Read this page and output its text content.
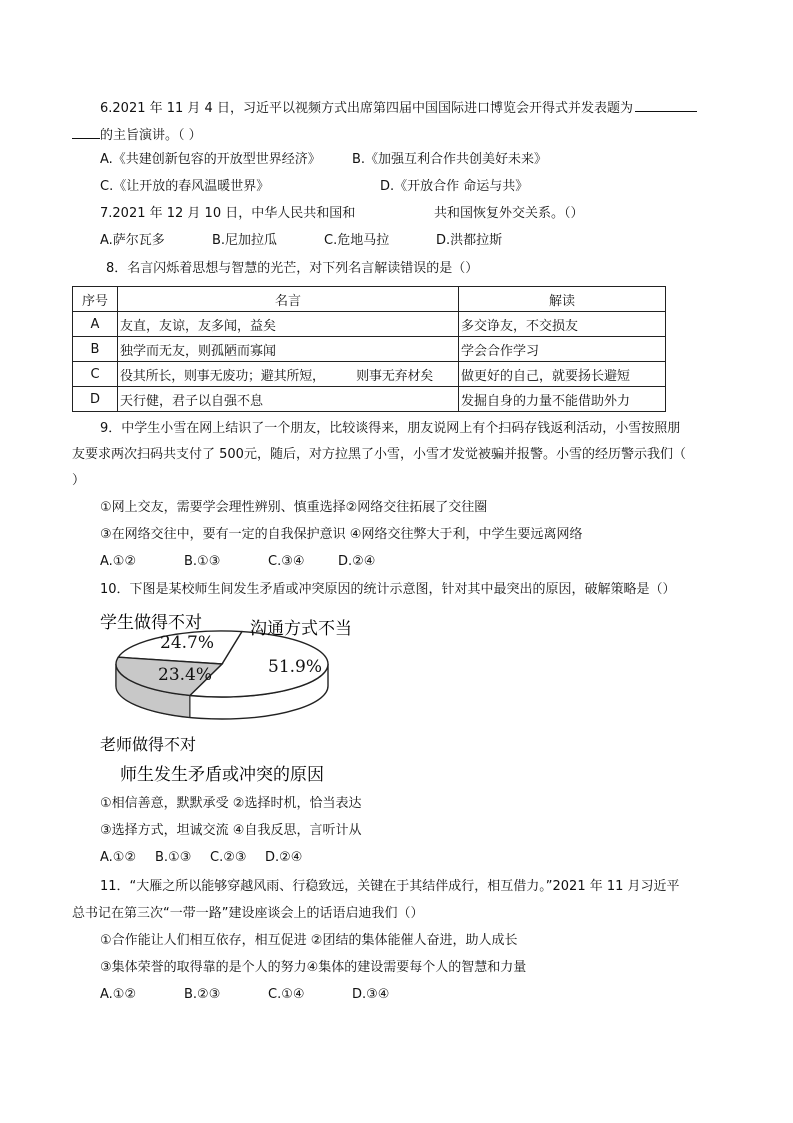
6.2021 年 11 月 4 日，习近平以视频方式出席第四届中国国际进口博览会开得式并发表题为
的主旨演讲。（ ）
A.《共建创新包容的开放型世界经济》 B.《加强互利合作共创美好未来》
C.《让开放的春风温暖世界》	D.《开放合作 命运与共》
7.2021 年 12 月 10 日，中华人民共和国和	共和国恢复外交关系。（）
A.萨尔瓦多	B.尼加拉瓜	C.危地马拉	D.洪都拉斯
8．名言闪烁着思想与智慧的光芒，对下列名言解读错误的是（）
序号	名言	解读
A	友直，友谅，友多闻，益矣	多交诤友，不交损友
B	独学而无友，则孤陋而寡闻	学会合作学习
C	役其所长，则事无废功；避其所短，        则事无弃材矣	做更好的自己，就要扬长避短
D	天行健，君子以自强不息	发掘自身的力量不能借助外力
9．中学生小雪在网上结识了一个朋友，比较谈得来，朋友说网上有个扫码存钱返利活动，小雪按照朋
友要求两次扫码共支付了 500元，随后，对方拉黑了小雪，小雪才发觉被骗并报警。小雪的经历警示我们（
）
①网上交友，需要学会理性辨别、慎重选择②网络交往拓展了交往圈
③在网络交往中，要有一定的自我保护意识 ④网络交往弊大于利，中学生要远离网络
A.①②	B.①③	C.③④	D.②④
10．下图是某校师生间发生矛盾或冲突原因的统计示意图，针对其中最突出的原因，破解策略是（）
51.9%
24.7%
23.4%
学生做得不对	沟通方式不当
老师做得不对
师生发生矛盾或冲突的原因
①相信善意，默默承受 ②选择时机，恰当表达
③选择方式，坦诚交流 ④自我反思，言听计从
A.①② B.①③ C.②③ D.②④
11．“大雁之所以能够穿越风雨、行稳致远，关键在于其结伴成行，相互借力。”2021 年 11 月习近平
总书记在第三次“一带一路”建设座谈会上的话语启迪我们（）
①合作能让人们相互依存，相互促进 ②团结的集体能催人奋进，助人成长
③集体荣誉的取得靠的是个人的努力④集体的建设需要每个人的智慧和力量
A.①②	B.②③	C.①④	D.③④
